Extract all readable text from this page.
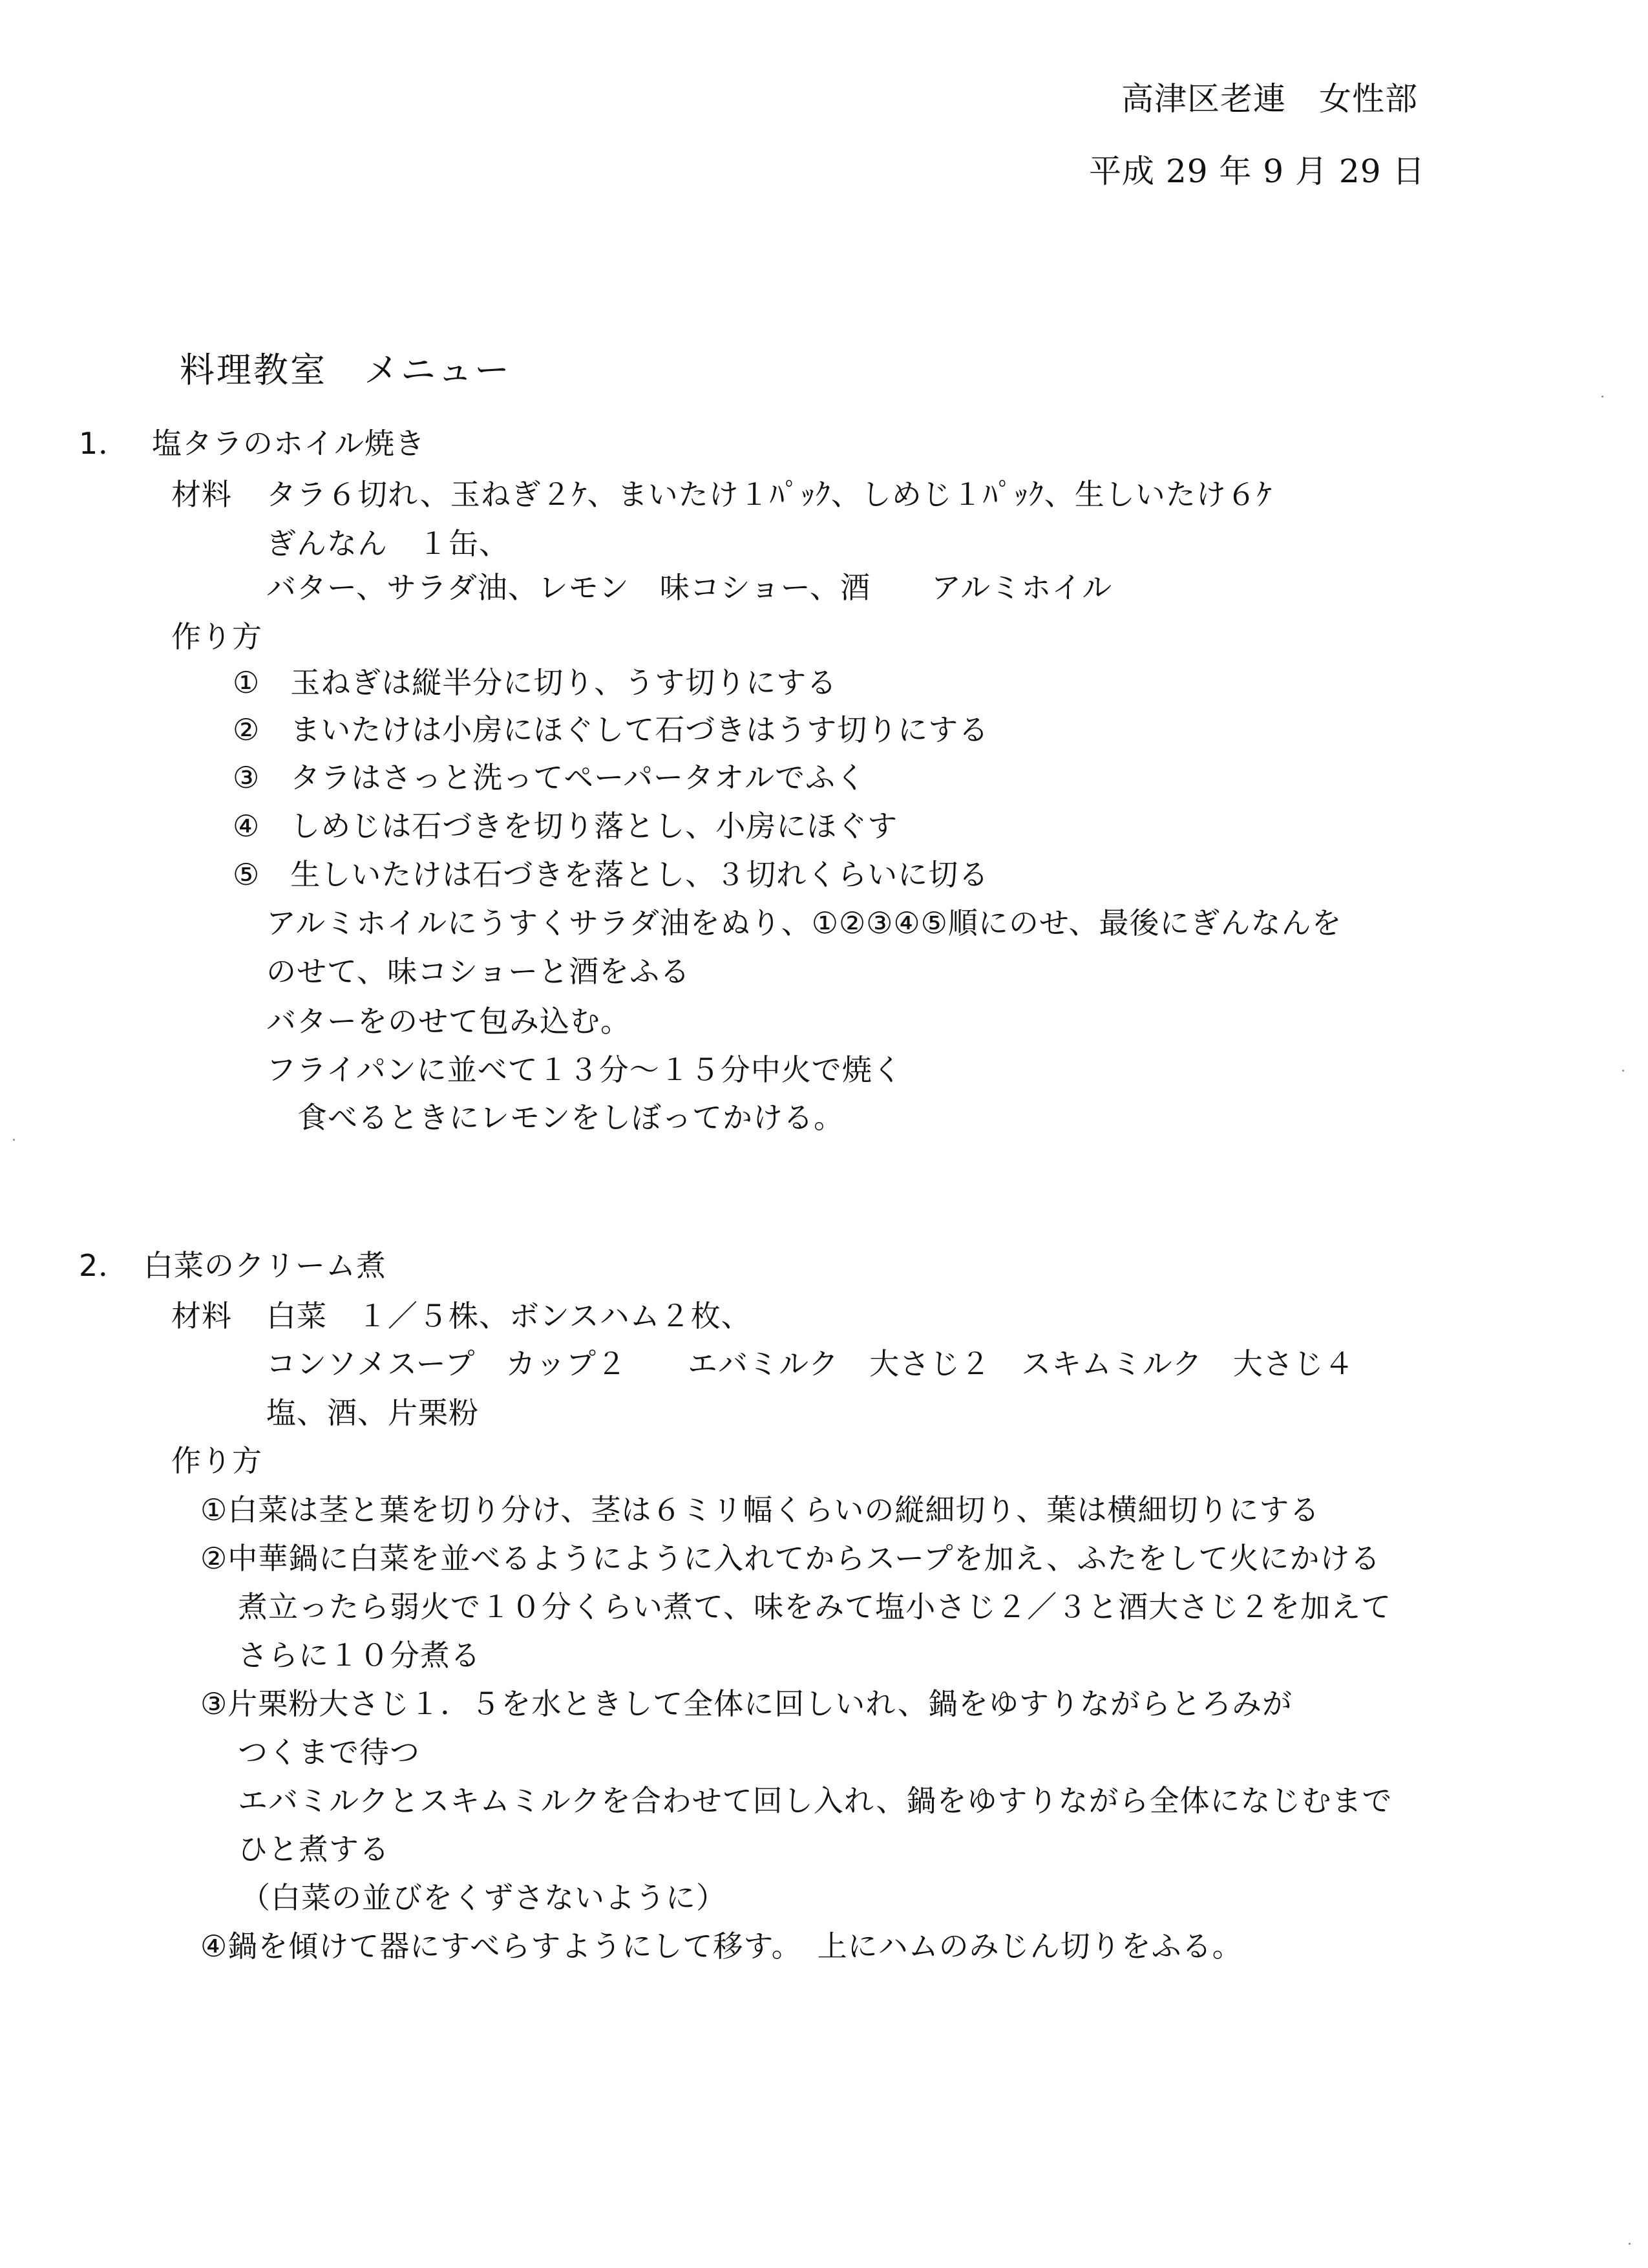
高津区老連　女性部
平成 29 年 9 月 29 日
料理教室　メニュー
1． 塩タラのホイル焼き
材料 タラ６切れ、玉ねぎ２ｹ、まいたけ１ﾊﾟｯｸ、しめじ１ﾊﾟｯｸ、生しいたけ６ｹ
ぎんなん　１缶、
バター、サラダ油、レモン　味コショー、酒　　アルミホイル
作り方
①　玉ねぎは縦半分に切り、うす切りにする
②　まいたけは小房にほぐして石づきはうす切りにする
③　タラはさっと洗ってペーパータオルでふく
④　しめじは石づきを切り落とし、小房にほぐす
⑤　生しいたけは石づきを落とし、３切れくらいに切る
アルミホイルにうすくサラダ油をぬり、①②③④⑤順にのせ、最後にぎんなんを
のせて、味コショーと酒をふる
バターをのせて包み込む。
フライパンに並べて１３分～１５分中火で焼く
食べるときにレモンをしぼってかける。
2． 白菜のクリーム煮
材料 白菜　１／５株、ボンスハム２枚、
コンソメスープ　カップ２　　エバミルク　大さじ２　スキムミルク　大さじ４
塩、酒、片栗粉
作り方
①白菜は茎と葉を切り分け、茎は６ミリ幅くらいの縦細切り、葉は横細切りにする
②中華鍋に白菜を並べるようにように入れてからスープを加え、ふたをして火にかける
煮立ったら弱火で１０分くらい煮て、味をみて塩小さじ２／３と酒大さじ２を加えて
さらに１０分煮る
③片栗粉大さじ１．５を水ときして全体に回しいれ、鍋をゆすりながらとろみが
つくまで待つ
エバミルクとスキムミルクを合わせて回し入れ、鍋をゆすりながら全体になじむまで
ひと煮する
（白菜の並びをくずさないように）
④鍋を傾けて器にすべらすようにして移す。　上にハムのみじん切りをふる。
